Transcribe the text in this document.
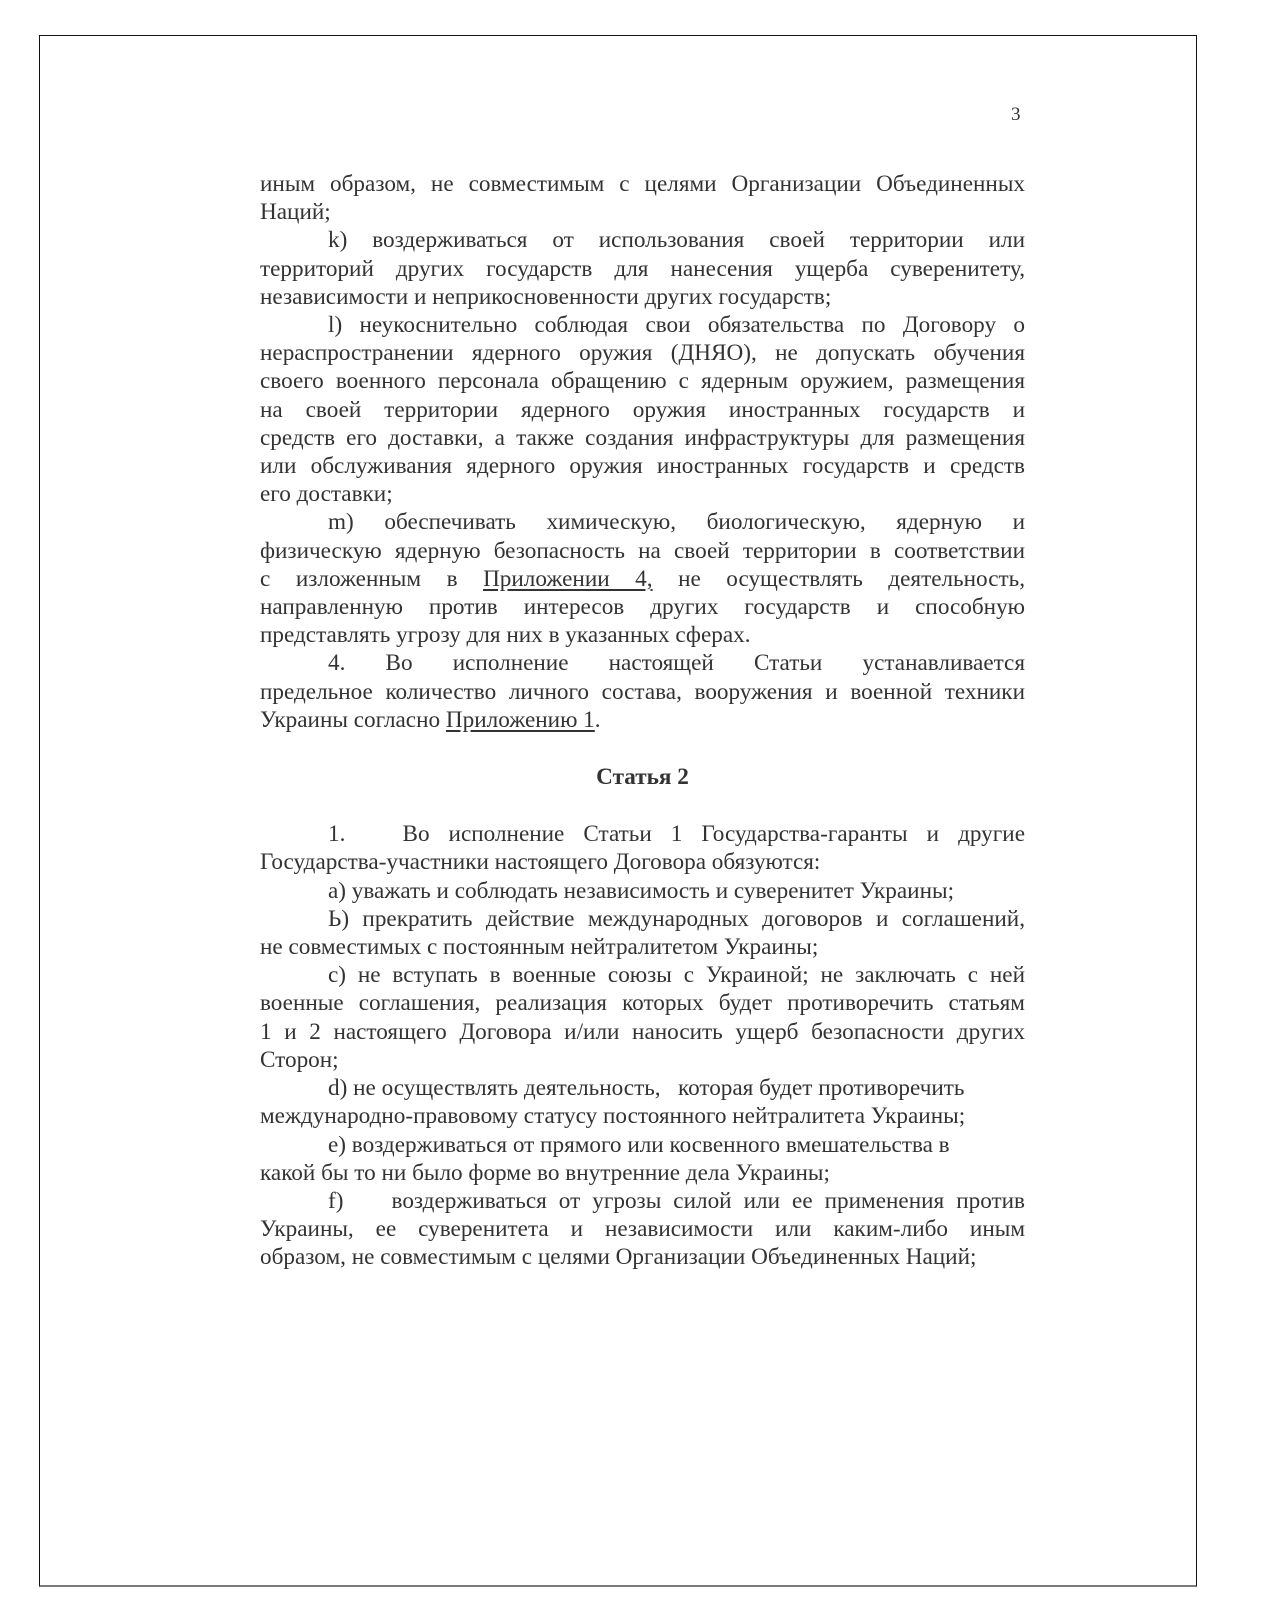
3
иным образом, не совместимым с целями Организации Объединенных
Наций;
k) воздерживаться от использования своей территории или
территорий других государств для нанесения ущерба суверенитету,
независимости и неприкосновенности других государств;
l) неукоснительно соблюдая свои обязательства по Договору о
нераспространении ядерного оружия (ДНЯО), не допускать обучения
своего военного персонала обращению с ядерным оружием, размещения
на своей территории ядерного оружия иностранных государств и
средств его доставки, а также создания инфраструктуры для размещения
или обслуживания ядерного оружия иностранных государств и средств
его доставки;
m) обеспечивать химическую, биологическую, ядерную и
физическую ядерную безопасность на своей территории в соответствии
с изложенным в Приложении 4, не осуществлять деятельность,
направленную против интересов других государств и способную
представлять угрозу для них в указанных сферах.
4. Во исполнение настоящей Статьи устанавливается
предельное количество личного состава, вооружения и военной техники
Украины согласно Приложению 1.
Статья 2
1.   Во исполнение Статьи 1 Государства-гаранты и другие
Государства-участники настоящего Договора обязуются:
а) уважать и соблюдать независимость и суверенитет Украины;
Ь) прекратить действие международных договоров и соглашений,
не совместимых с постоянным нейтралитетом Украины;
с) не вступать в военные союзы с Украиной; не заключать с ней
военные соглашения, реализация которых будет противоречить статьям
1 и 2 настоящего Договора и/или наносить ущерб безопасности других
Сторон;
d) не осуществлять деятельность,   которая будет противоречить
международно-правовому статусу постоянного нейтралитета Украины;
е) воздерживаться от прямого или косвенного вмешательства в
какой бы то ни было форме во внутренние дела Украины;
f)    воздерживаться от угрозы силой или ее применения против
Украины, ее суверенитета и независимости или каким-либо иным
образом, не совместимым с целями Организации Объединенных Наций;
